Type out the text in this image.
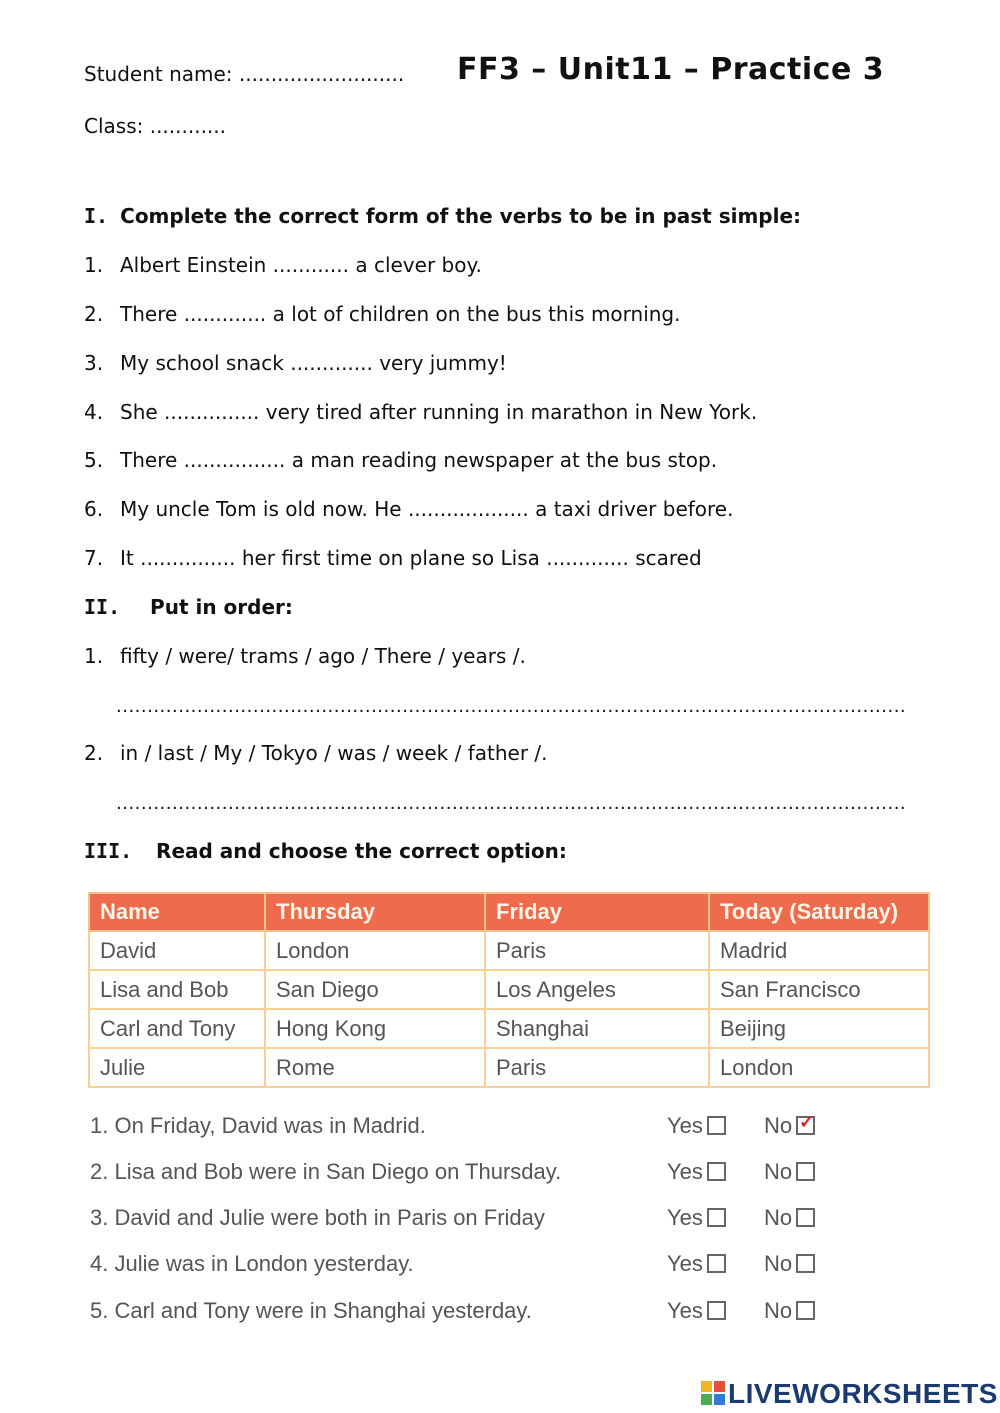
Student name: ..........................
Class: ............
FF3 – Unit11 – Practice 3
I. Complete the correct form of the verbs to be in past simple:
1. Albert Einstein ............ a clever boy.
2. There ............. a lot of children on the bus this morning.
3. My school snack ............. very jummy!
4. She ............... very tired after running in marathon in New York.
5. There ................ a man reading newspaper at the bus stop.
6. My uncle Tom is old now. He ................... a taxi driver before.
7. It ............... her first time on plane so Lisa ............. scared
II. Put in order:
1. fifty / were/ trams / ago / There / years /.
...............................................................................................................................
2. in / last / My / Tokyo / was / week / father /.
...............................................................................................................................
III. Read and choose the correct option:
Name	Thursday	Friday	Today (Saturday)
David	London	Paris	Madrid
Lisa and Bob	San Diego	Los Angeles	San Francisco
Carl and Tony	Hong Kong	Shanghai	Beijing
Julie	Rome	Paris	London
1. On Friday, David was in Madrid.	Yes	No✓
2. Lisa and Bob were in San Diego on Thursday.	Yes	No
3. David and Julie were both in Paris on Friday	Yes	No
4. Julie was in London yesterday.	Yes	No
5. Carl and Tony were in Shanghai yesterday.	Yes	No
LIVEWORKSHEETS
